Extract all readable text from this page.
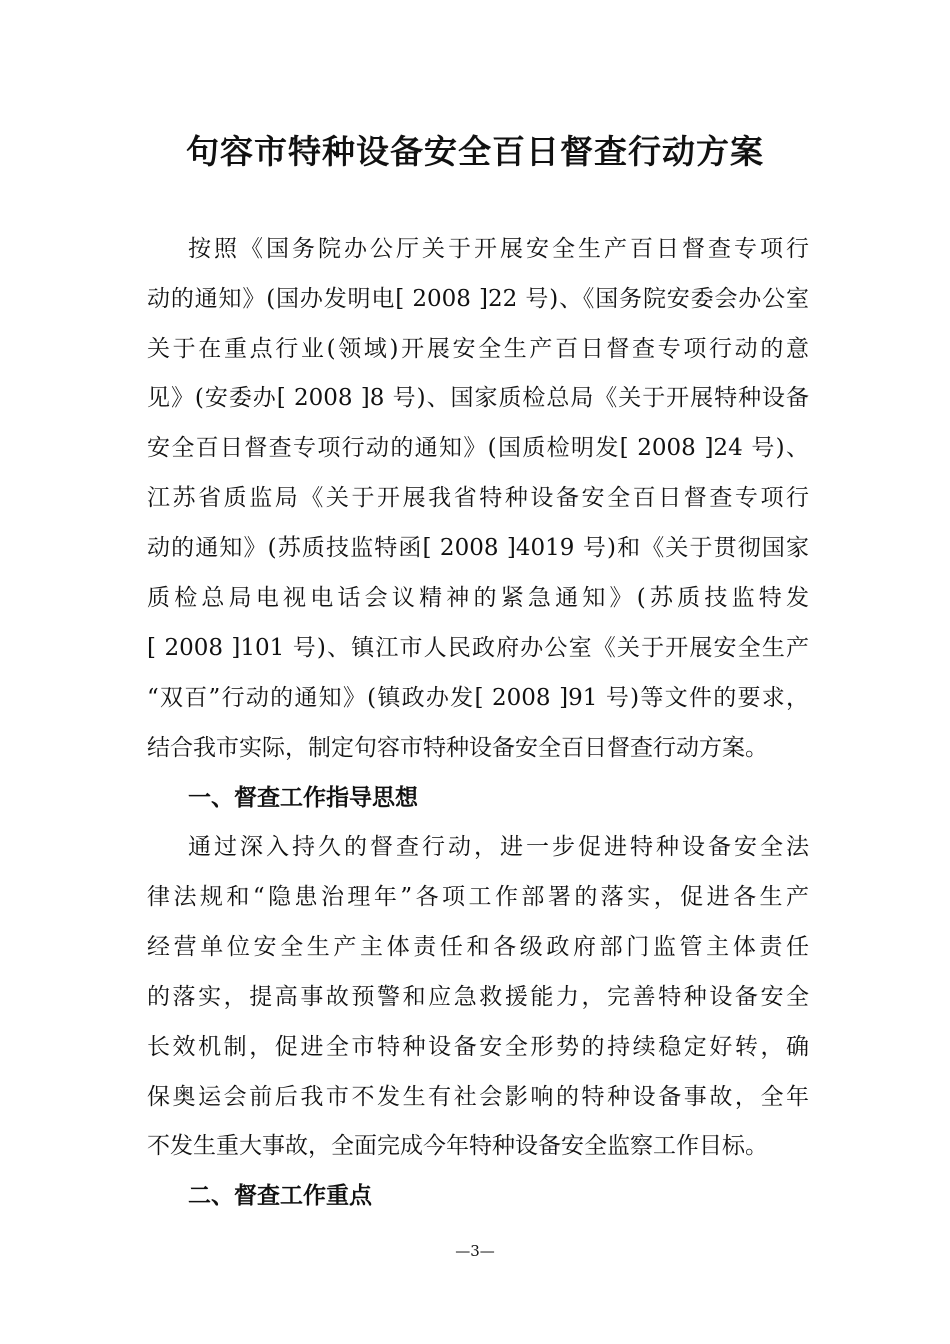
句容市特种设备安全百日督查行动方案
按照《国务院办公厅关于开展安全生产百日督查专项行
动的通知》(国办发明电[ 2008 ]22 号)、《国务院安委会办公室
关于在重点行业(领域)开展安全生产百日督查专项行动的意
见》(安委办[ 2008 ]8 号)、国家质检总局《关于开展特种设备
安全百日督查专项行动的通知》(国质检明发[ 2008 ]24 号)、
江苏省质监局《关于开展我省特种设备安全百日督查专项行
动的通知》(苏质技监特函[ 2008 ]4019 号)和《关于贯彻国家
质检总局电视电话会议精神的紧急通知》(苏质技监特发
[ 2008 ]101 号)、镇江市人民政府办公室《关于开展安全生产
“双百”行动的通知》(镇政办发[ 2008 ]91 号)等文件的要求，
结合我市实际，制定句容市特种设备安全百日督查行动方案。
一、督查工作指导思想
通过深入持久的督查行动，进一步促进特种设备安全法
律法规和“隐患治理年”各项工作部署的落实，促进各生产
经营单位安全生产主体责任和各级政府部门监管主体责任
的落实，提高事故预警和应急救援能力，完善特种设备安全
长效机制，促进全市特种设备安全形势的持续稳定好转，确
保奥运会前后我市不发生有社会影响的特种设备事故，全年
不发生重大事故，全面完成今年特种设备安全监察工作目标。
二、督查工作重点
—3—
